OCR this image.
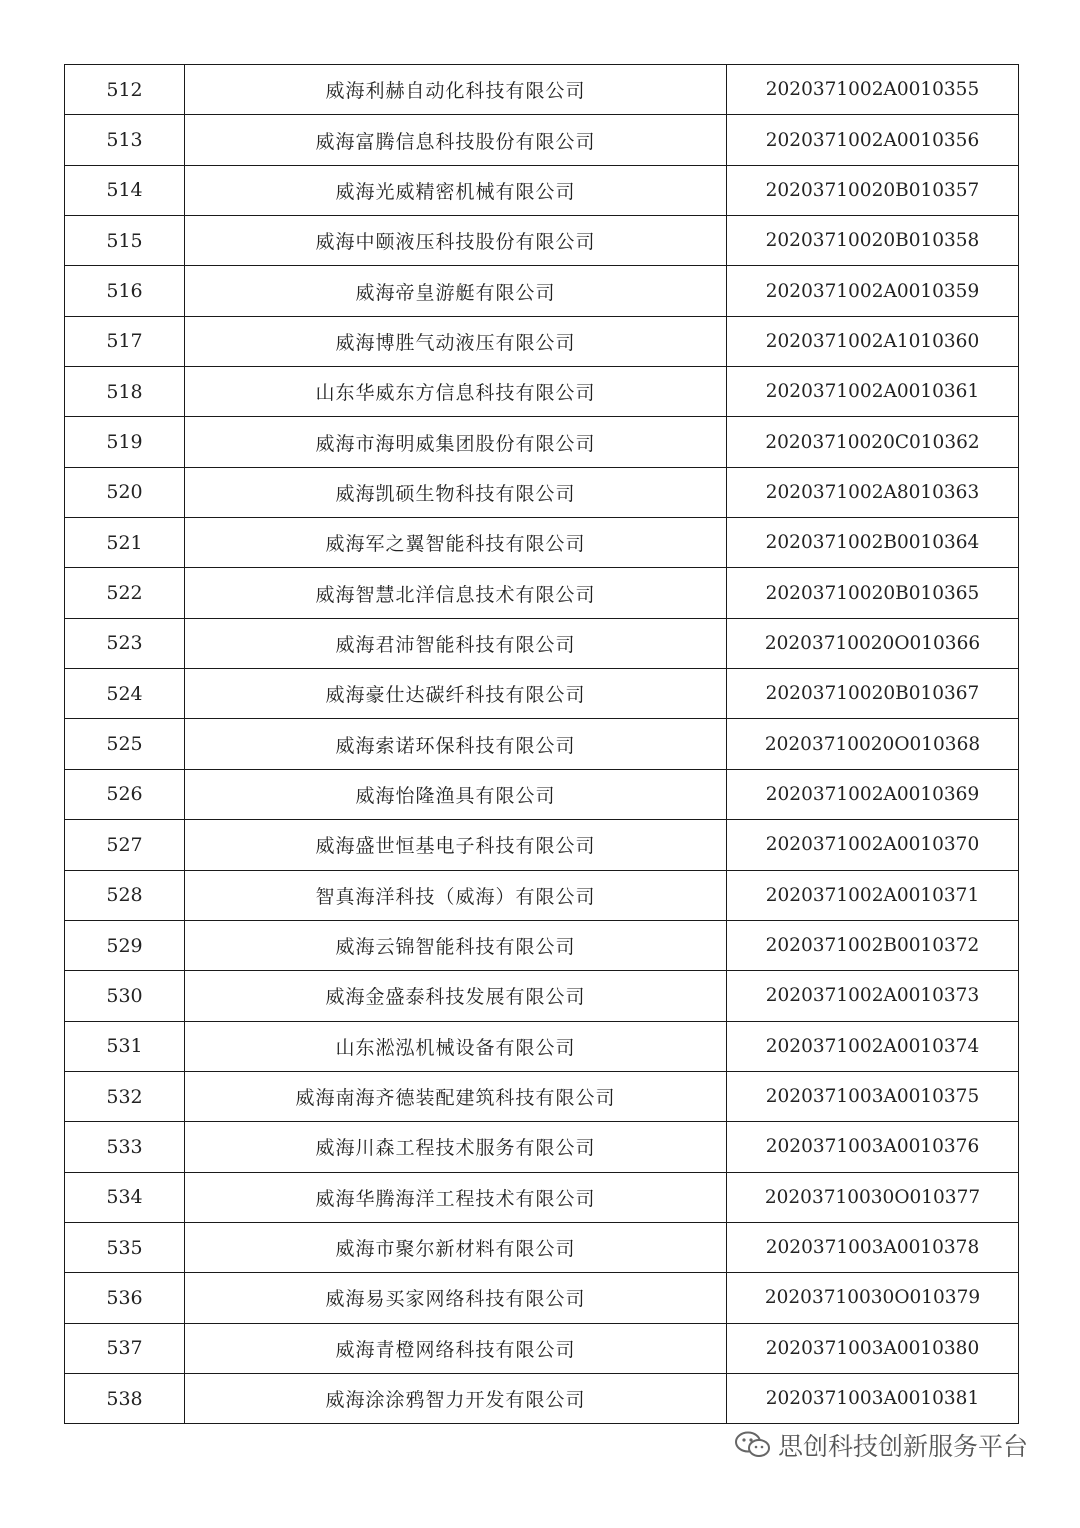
512	威海利赫自动化科技有限公司	2020371002A0010355
513	威海富腾信息科技股份有限公司	2020371002A0010356
514	威海光威精密机械有限公司	20203710020B010357
515	威海中颐液压科技股份有限公司	20203710020B010358
516	威海帝皇游艇有限公司	2020371002A0010359
517	威海博胜气动液压有限公司	2020371002A1010360
518	山东华威东方信息科技有限公司	2020371002A0010361
519	威海市海明威集团股份有限公司	20203710020C010362
520	威海凯硕生物科技有限公司	2020371002A8010363
521	威海军之翼智能科技有限公司	2020371002B0010364
522	威海智慧北洋信息技术有限公司	20203710020B010365
523	威海君沛智能科技有限公司	20203710020O010366
524	威海豪仕达碳纤科技有限公司	20203710020B010367
525	威海索诺环保科技有限公司	20203710020O010368
526	威海怡隆渔具有限公司	2020371002A0010369
527	威海盛世恒基电子科技有限公司	2020371002A0010370
528	智真海洋科技（威海）有限公司	2020371002A0010371
529	威海云锦智能科技有限公司	2020371002B0010372
530	威海金盛泰科技发展有限公司	2020371002A0010373
531	山东淞泓机械设备有限公司	2020371002A0010374
532	威海南海齐德装配建筑科技有限公司	2020371003A0010375
533	威海川森工程技术服务有限公司	2020371003A0010376
534	威海华腾海洋工程技术有限公司	20203710030O010377
535	威海市聚尔新材料有限公司	2020371003A0010378
536	威海易买家网络科技有限公司	20203710030O010379
537	威海青橙网络科技有限公司	2020371003A0010380
538	威海涂涂鸦智力开发有限公司	2020371003A0010381
思创科技创新服务平台
